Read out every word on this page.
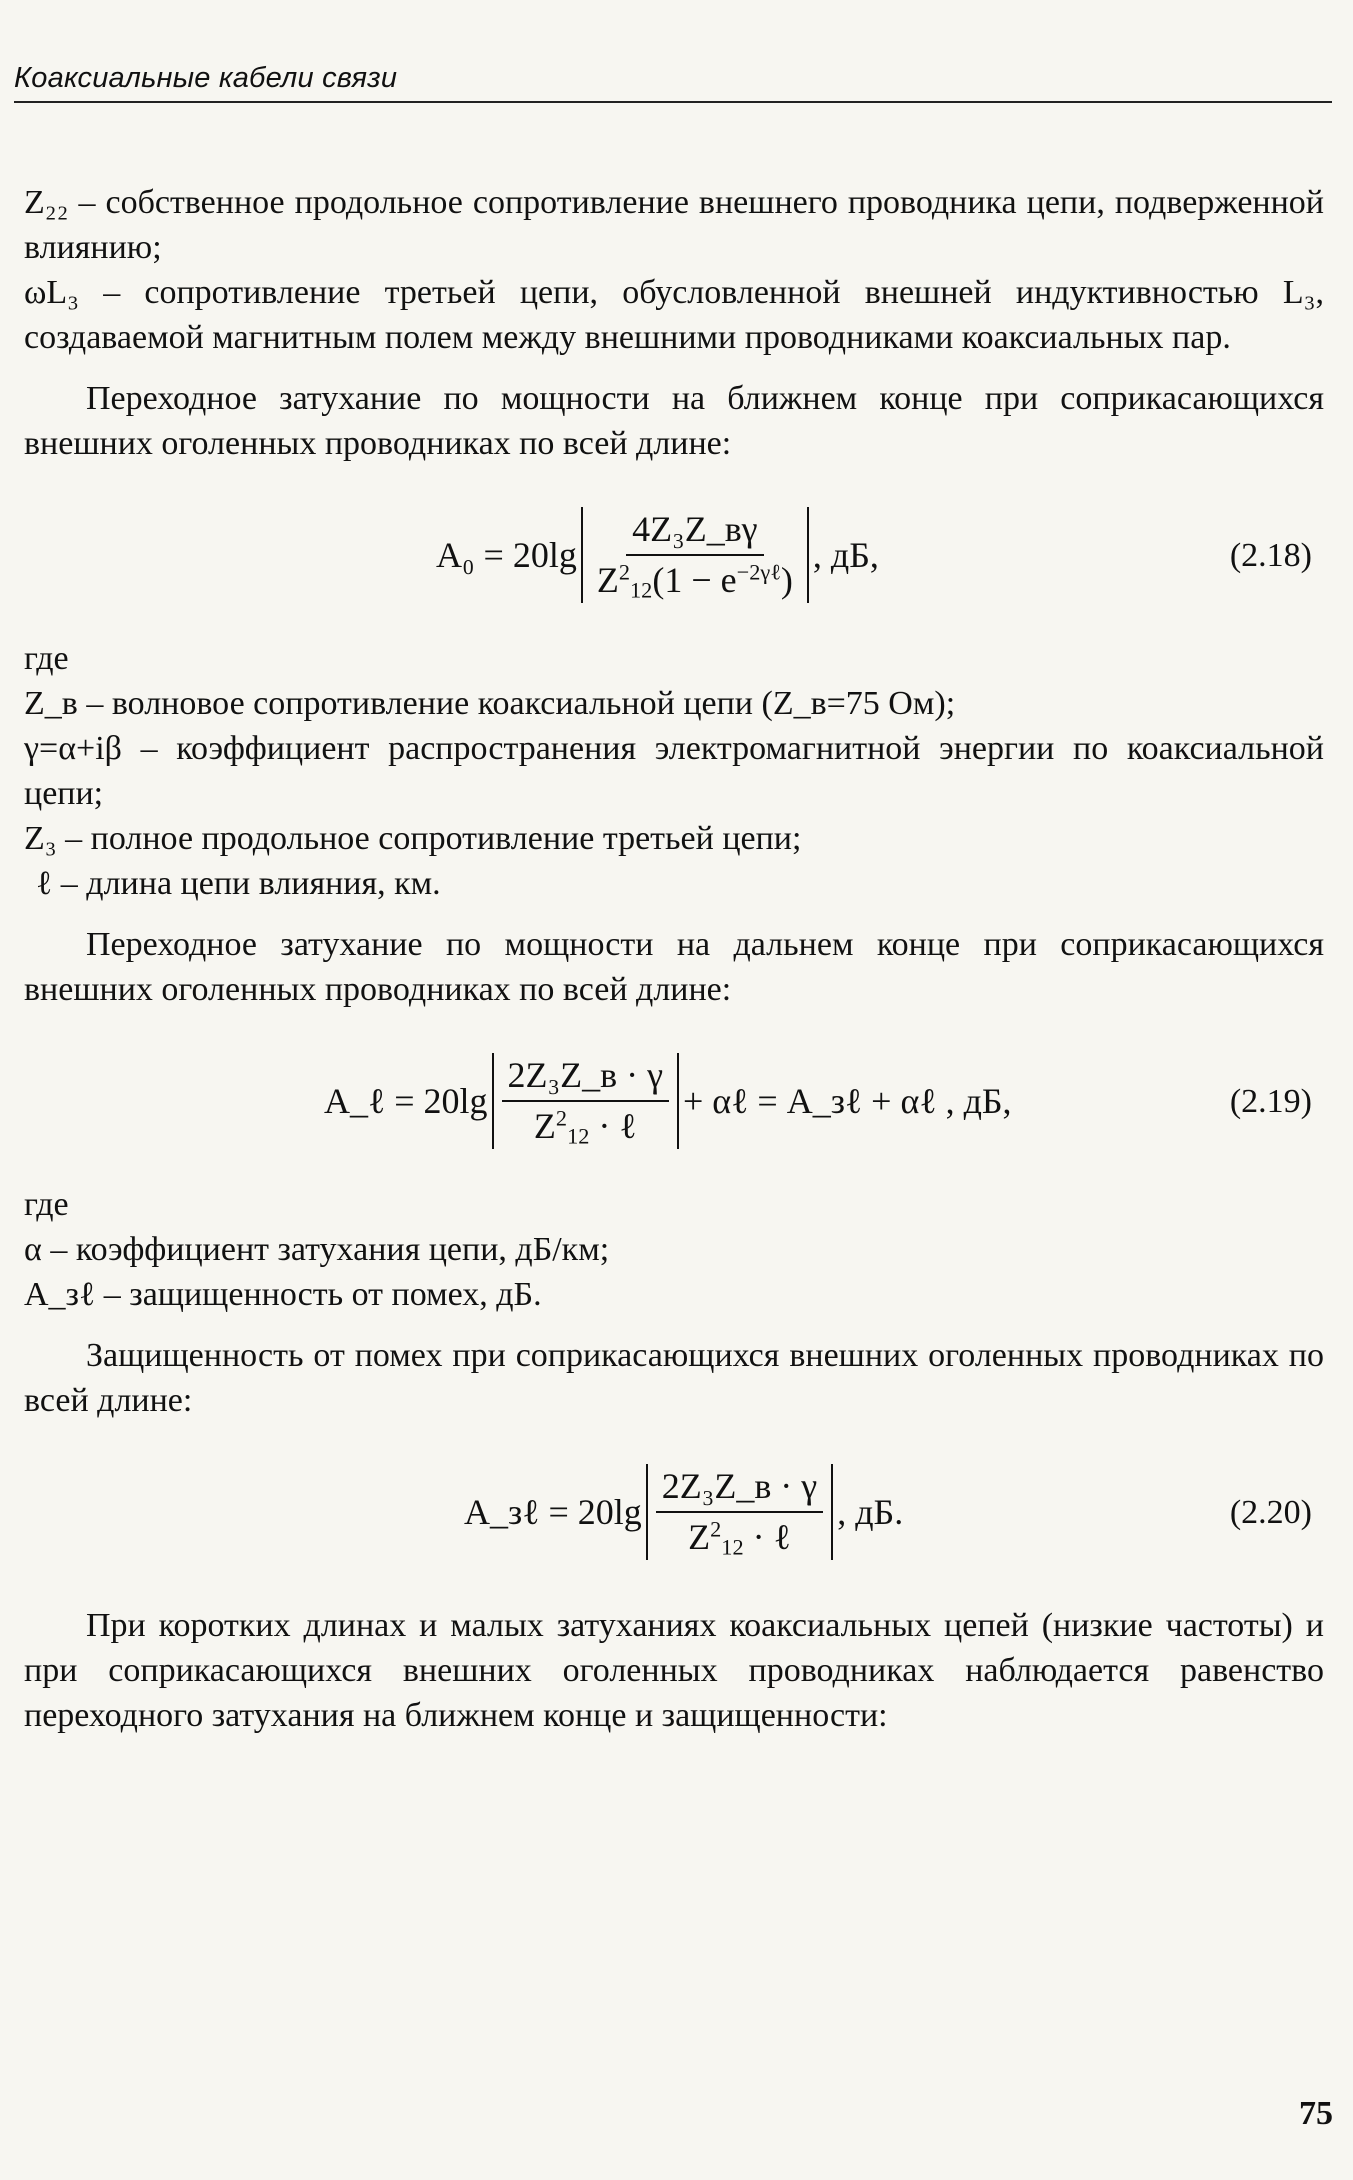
Коаксиальные кабели связи

Z₂₂ – собственное продольное сопротивление внешнего проводника цепи, подверженной влиянию;

ωL₃ – сопротивление третьей цепи, обусловленной внешней индуктивностью L₃, создаваемой магнитным полем между внешними проводниками коаксиальных пар.

Переходное затухание по мощности на ближнем конце при соприкасающихся внешних оголенных проводниках по всей длине:

$A_0 = 20\lg \frac{\text{4Z₃Z\_вγ}}{Z^2_{12}(1 - e^{-2\gamma\ell})}$ , дБ,	(2.18)

где

Z_в – волновое сопротивление коаксиальной цепи (Z_в=75 Ом);

γ=α+iβ – коэффициент распространения электромагнитной энергии по коаксиальной цепи;

Z₃ – полное продольное сопротивление третьей цепи;

ℓ – длина цепи влияния, км.

Переходное затухание по мощности на дальнем конце при соприкасающихся внешних оголенных проводниках по всей длине:

A_ℓ = $20\lg \frac{\text{2Z₃Z\_в · γ}}{Z^2_{12} \cdot \ell}$ + αℓ = A_зℓ + αℓ , дБ,	(2.19)

где

α – коэффициент затухания цепи, дБ/км;

A_зℓ – защищенность от помех, дБ.

Защищенность от помех при соприкасающихся внешних оголенных проводниках по всей длине:

A_зℓ = $20\lg \frac{\text{2Z₃Z\_в · γ}}{Z^2_{12} \cdot \ell}$ , дБ.	(2.20)

При коротких длинах и малых затуханиях коаксиальных цепей (низкие частоты) и при соприкасающихся внешних оголенных проводниках наблюдается равенство переходного затухания на ближнем конце и защищенности:

75
